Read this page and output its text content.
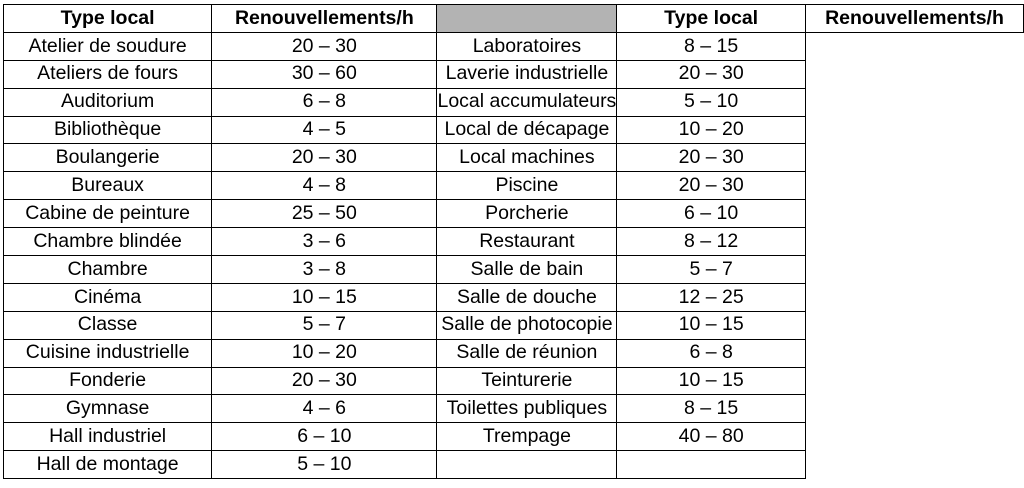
Type local	Renouvellements/h		Type local	Renouvellements/h
Atelier de soudure	20 – 30	Laboratoires	8 – 15	
Ateliers de fours	30 – 60	Laverie industrielle	20 – 30	
Auditorium	6 – 8	Local accumulateurs	5 – 10	
Bibliothèque	4 – 5	Local de décapage	10 – 20	
Boulangerie	20 – 30	Local machines	20 – 30	
Bureaux	4 – 8	Piscine	20 – 30	
Cabine de peinture	25 – 50	Porcherie	6 – 10	
Chambre blindée	3 – 6	Restaurant	8 – 12	
Chambre	3 – 8	Salle de bain	5 – 7	
Cinéma	10 – 15	Salle de douche	12 – 25	
Classe	5 – 7	Salle de photocopie	10 – 15	
Cuisine industrielle	10 – 20	Salle de réunion	6 – 8	
Fonderie	20 – 30	Teinturerie	10 – 15	
Gymnase	4 – 6	Toilettes publiques	8 – 15	
Hall industriel	6 – 10	Trempage	40 – 80	
Hall de montage	5 – 10			
